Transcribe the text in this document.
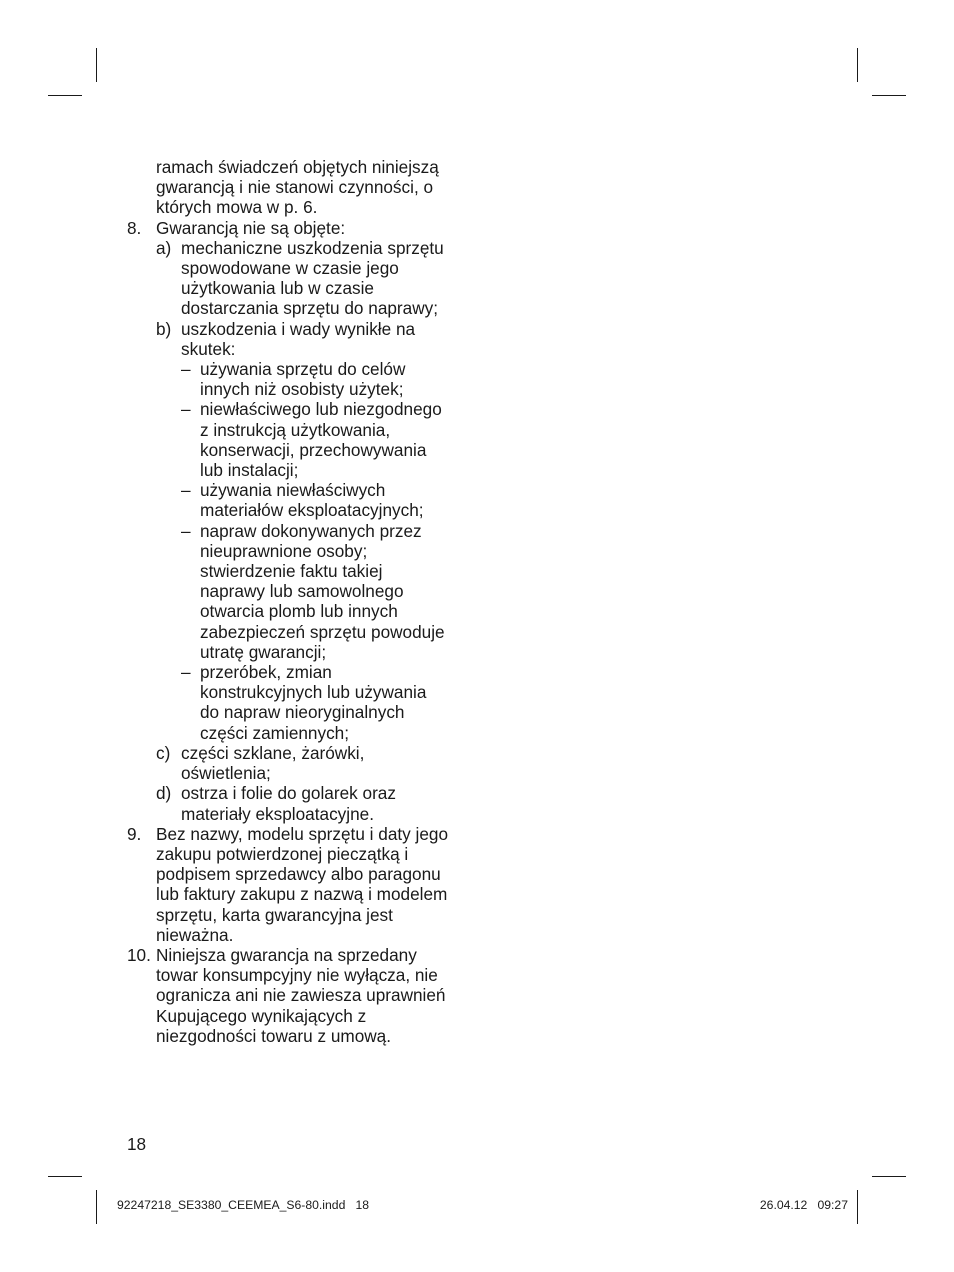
ramach świadczeń objętych niniejszą
gwarancją i nie stanowi czynności, o
których mowa w p. 6.
8. Gwarancją nie są objęte:
a) mechaniczne uszkodzenia sprzętu
spowodowane w czasie jego
użytkowania lub w czasie
dostarczania sprzętu do naprawy;
b) uszkodzenia i wady wynikłe na
skutek:
– używania sprzętu do celów
innych niż osobisty użytek;
– niewłaściwego lub niezgodnego
z instrukcją użytkowania,
konserwacji, przechowywania
lub instalacji;
– używania niewłaściwych
materiałów eksploatacyjnych;
– napraw dokonywanych przez
nieuprawnione osoby;
stwierdzenie faktu takiej
naprawy lub samowolnego
otwarcia plomb lub innych
zabezpieczeń sprzętu powoduje
utratę gwarancji;
– przeróbek, zmian
konstrukcyjnych lub używania
do napraw nieoryginalnych
części zamiennych;
c) części szklane, żarówki,
oświetlenia;
d) ostrza i folie do golarek oraz
materiały eksploatacyjne.
9. Bez nazwy, modelu sprzętu i daty jego
zakupu potwierdzonej pieczątką i
podpisem sprzedawcy albo paragonu
lub faktury zakupu z nazwą i modelem
sprzętu, karta gwarancyjna jest
nieważna.
10. Niniejsza gwarancja na sprzedany
towar konsumpcyjny nie wyłącza, nie
ogranicza ani nie zawiesza uprawnień
Kupującego wynikających z
niezgodności towaru z umową.
18
92247218_SE3380_CEEMEA_S6-80.indd   18	26.04.12   09:27
